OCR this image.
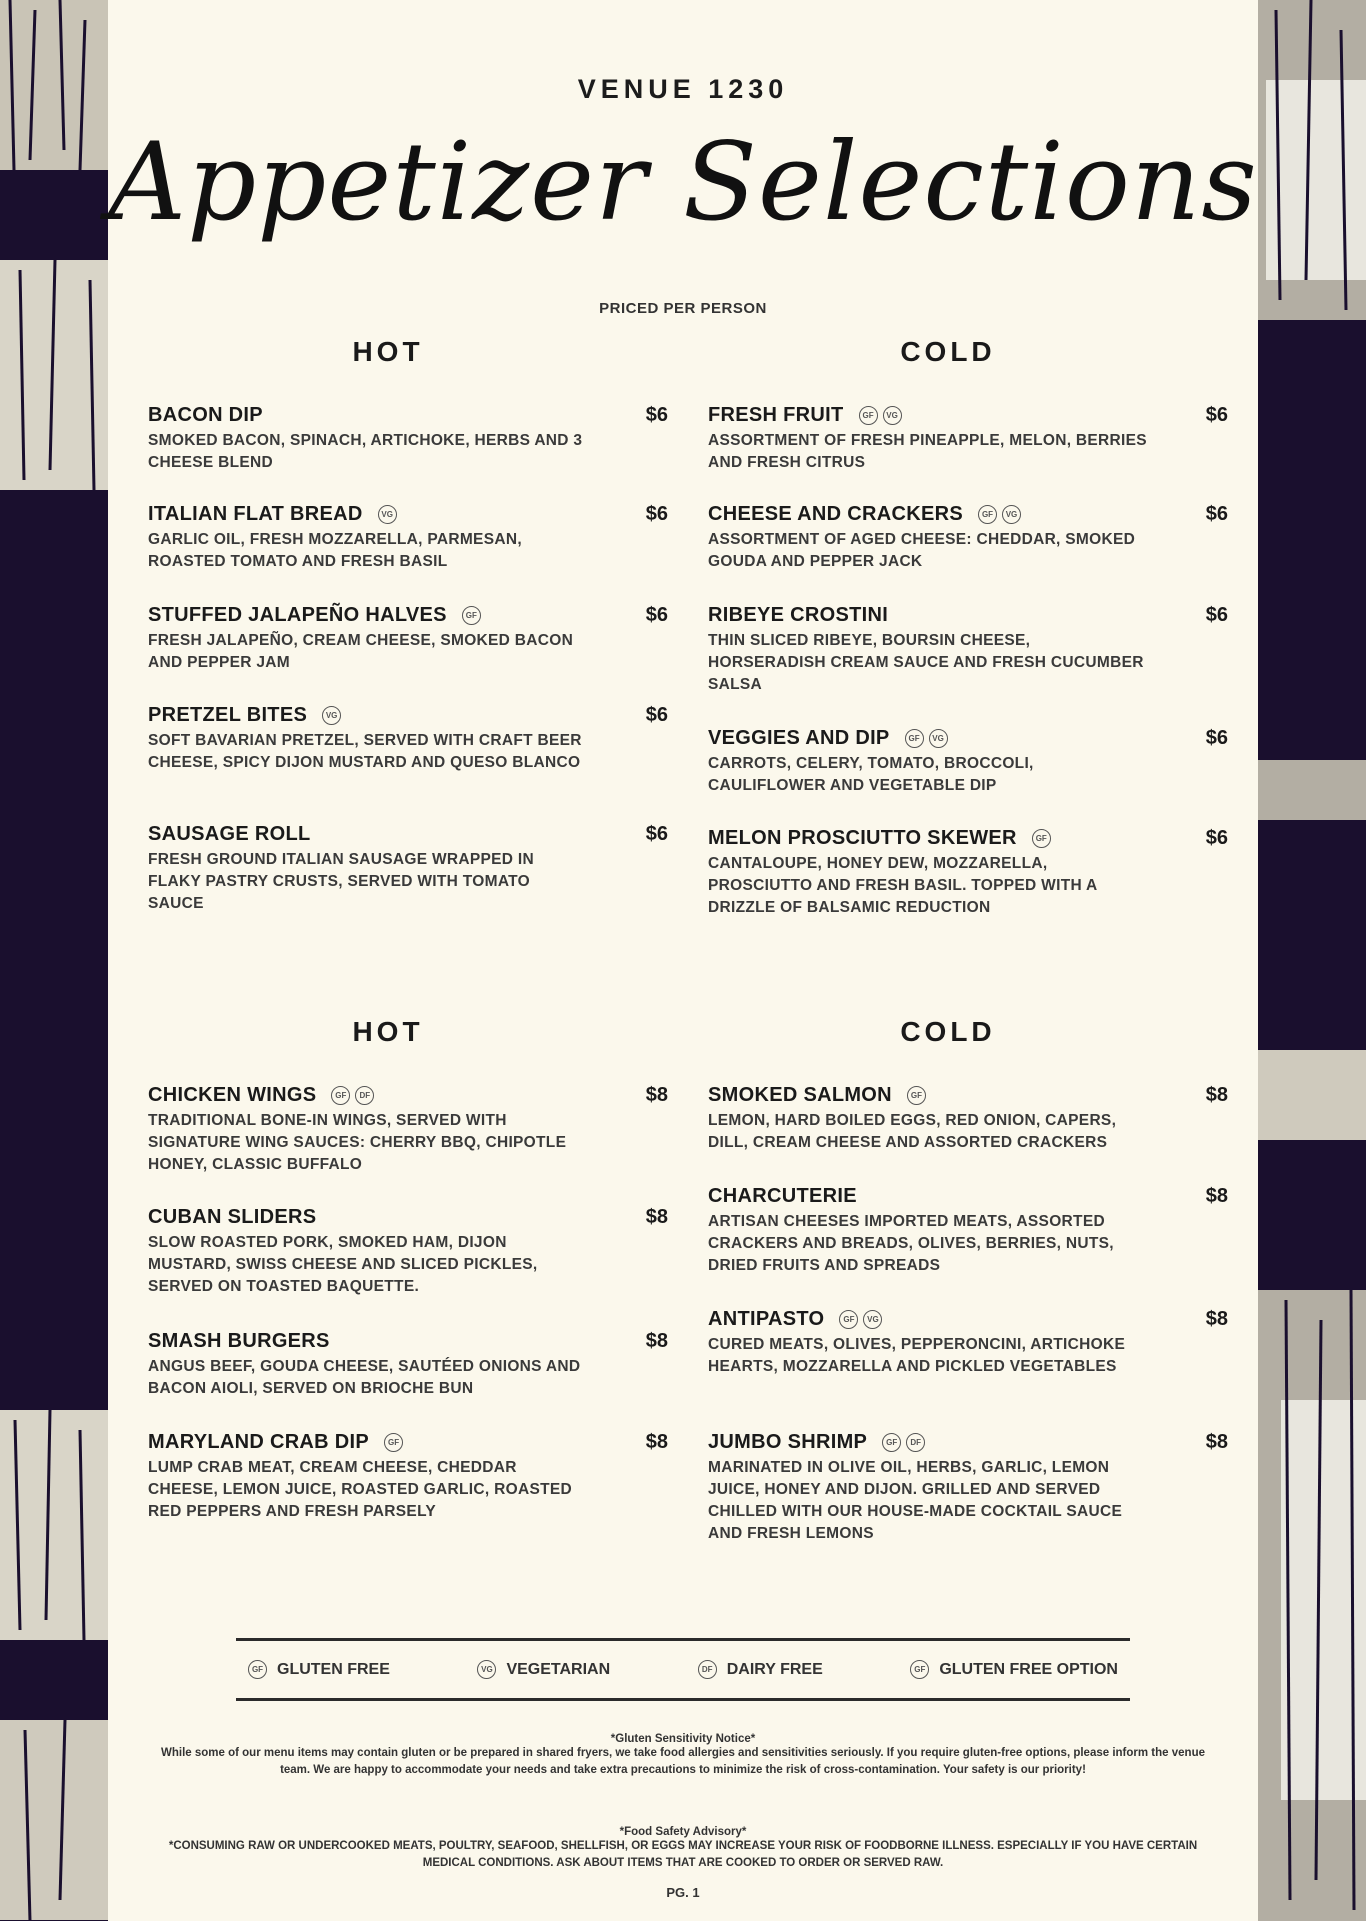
VENUE 1230
Appetizer Selections
PRICED PER PERSON
HOT	COLD
HOT	COLD
BACON DIP	$6
SMOKED BACON, SPINACH, ARTICHOKE, HERBS AND 3 CHEESE BLEND
ITALIAN FLAT BREAD	VG	$6
GARLIC OIL, FRESH MOZZARELLA, PARMESAN, ROASTED TOMATO AND FRESH BASIL
STUFFED JALAPEÑO HALVES	GF	$6
FRESH JALAPEÑO, CREAM CHEESE, SMOKED BACON AND PEPPER JAM
PRETZEL BITES	VG	$6
SOFT BAVARIAN PRETZEL, SERVED WITH CRAFT BEER CHEESE, SPICY DIJON MUSTARD AND QUESO BLANCO
SAUSAGE ROLL	$6
FRESH GROUND ITALIAN SAUSAGE WRAPPED IN FLAKY PASTRY CRUSTS, SERVED WITH TOMATO SAUCE
FRESH FRUIT	GF	VG	$6
ASSORTMENT OF FRESH PINEAPPLE, MELON, BERRIES AND FRESH CITRUS
CHEESE AND CRACKERS	GF	VG	$6
ASSORTMENT OF AGED CHEESE: CHEDDAR, SMOKED GOUDA AND PEPPER JACK
RIBEYE CROSTINI	$6
THIN SLICED RIBEYE, BOURSIN CHEESE, HORSERADISH CREAM SAUCE AND FRESH CUCUMBER SALSA
VEGGIES AND DIP	GF	VG	$6
CARROTS, CELERY, TOMATO, BROCCOLI, CAULIFLOWER AND VEGETABLE DIP
MELON PROSCIUTTO SKEWER	GF	$6
CANTALOUPE, HONEY DEW, MOZZARELLA, PROSCIUTTO AND FRESH BASIL. TOPPED WITH A DRIZZLE OF BALSAMIC REDUCTION
CHICKEN WINGS	GF	DF	$8
TRADITIONAL BONE-IN WINGS, SERVED WITH SIGNATURE WING SAUCES: CHERRY BBQ, CHIPOTLE HONEY, CLASSIC BUFFALO
CUBAN SLIDERS	$8
SLOW ROASTED PORK, SMOKED HAM, DIJON MUSTARD, SWISS CHEESE AND SLICED PICKLES, SERVED ON TOASTED BAQUETTE.
SMASH BURGERS	$8
ANGUS BEEF, GOUDA CHEESE, SAUTÉED ONIONS AND BACON AIOLI, SERVED ON BRIOCHE BUN
MARYLAND CRAB DIP	GF	$8
LUMP CRAB MEAT, CREAM CHEESE, CHEDDAR CHEESE, LEMON JUICE, ROASTED GARLIC, ROASTED RED PEPPERS AND FRESH PARSELY
SMOKED SALMON	GF	$8
LEMON, HARD BOILED EGGS, RED ONION, CAPERS, DILL, CREAM CHEESE AND ASSORTED CRACKERS
CHARCUTERIE	$8
ARTISAN CHEESES IMPORTED MEATS, ASSORTED CRACKERS AND BREADS, OLIVES, BERRIES, NUTS, DRIED FRUITS AND SPREADS
ANTIPASTO	GF	VG	$8
CURED MEATS, OLIVES, PEPPERONCINI, ARTICHOKE HEARTS, MOZZARELLA AND PICKLED VEGETABLES
JUMBO SHRIMP	GF	DF	$8
MARINATED IN OLIVE OIL, HERBS, GARLIC, LEMON JUICE, HONEY AND DIJON. GRILLED AND SERVED CHILLED WITH OUR HOUSE-MADE COCKTAIL SAUCE AND FRESH LEMONS
GF GLUTEN FREE	VG VEGETARIAN	DF DAIRY FREE	GF GLUTEN FREE OPTION
*Gluten Sensitivity Notice*
While some of our menu items may contain gluten or be prepared in shared fryers, we take food allergies and sensitivities seriously. If you require gluten-free options, please inform the venue team. We are happy to accommodate your needs and take extra precautions to minimize the risk of cross-contamination. Your safety is our priority!
*Food Safety Advisory*
*CONSUMING RAW OR UNDERCOOKED MEATS, POULTRY, SEAFOOD, SHELLFISH, OR EGGS MAY INCREASE YOUR RISK OF FOODBORNE ILLNESS. ESPECIALLY IF YOU HAVE CERTAIN MEDICAL CONDITIONS. ASK ABOUT ITEMS THAT ARE COOKED TO ORDER OR SERVED RAW.
PG. 1
